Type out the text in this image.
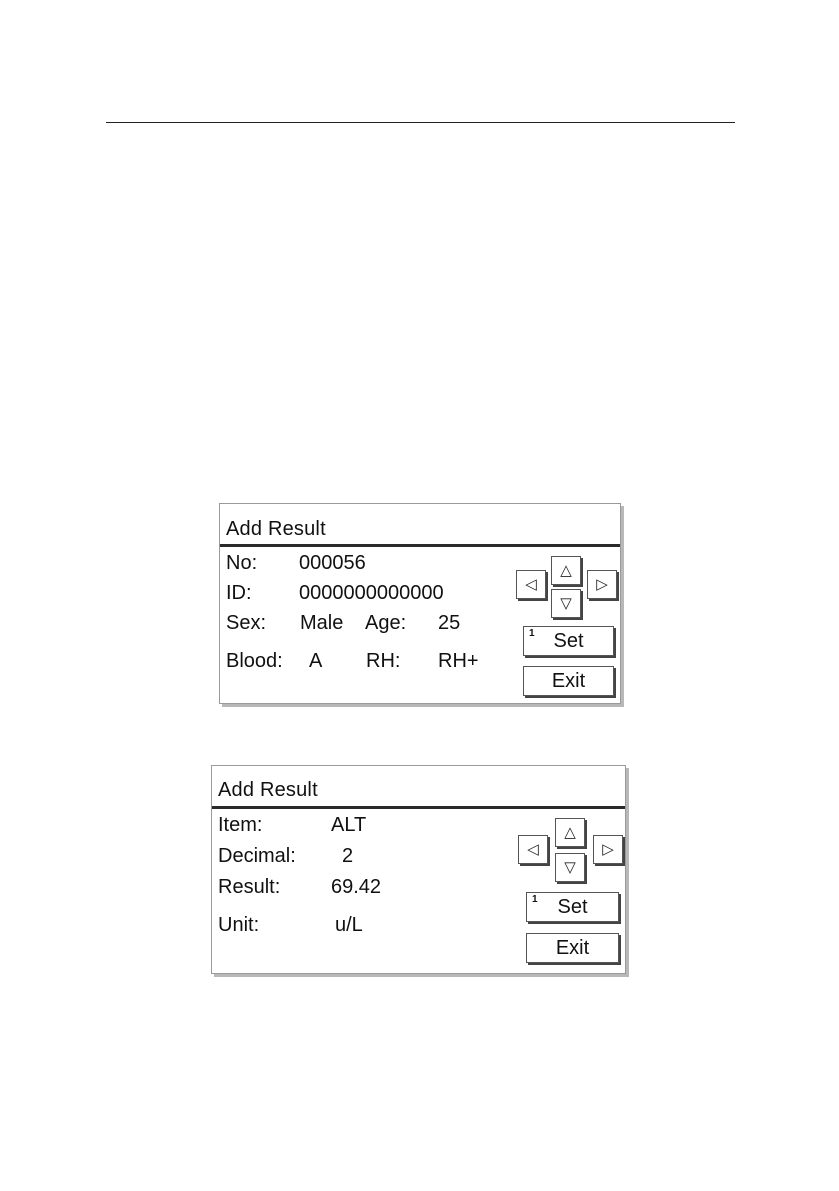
Add Result
No: 000056
ID: 0000000000000
Sex: Male Age: 25
Blood: A RH: RH+
△
◁	▷
▽
1 Set
Exit
Add Result
Item:	ALT
Decimal: 2
Result:	69.42
Unit:	u/L
△
◁	▷
▽
1 Set
Exit
